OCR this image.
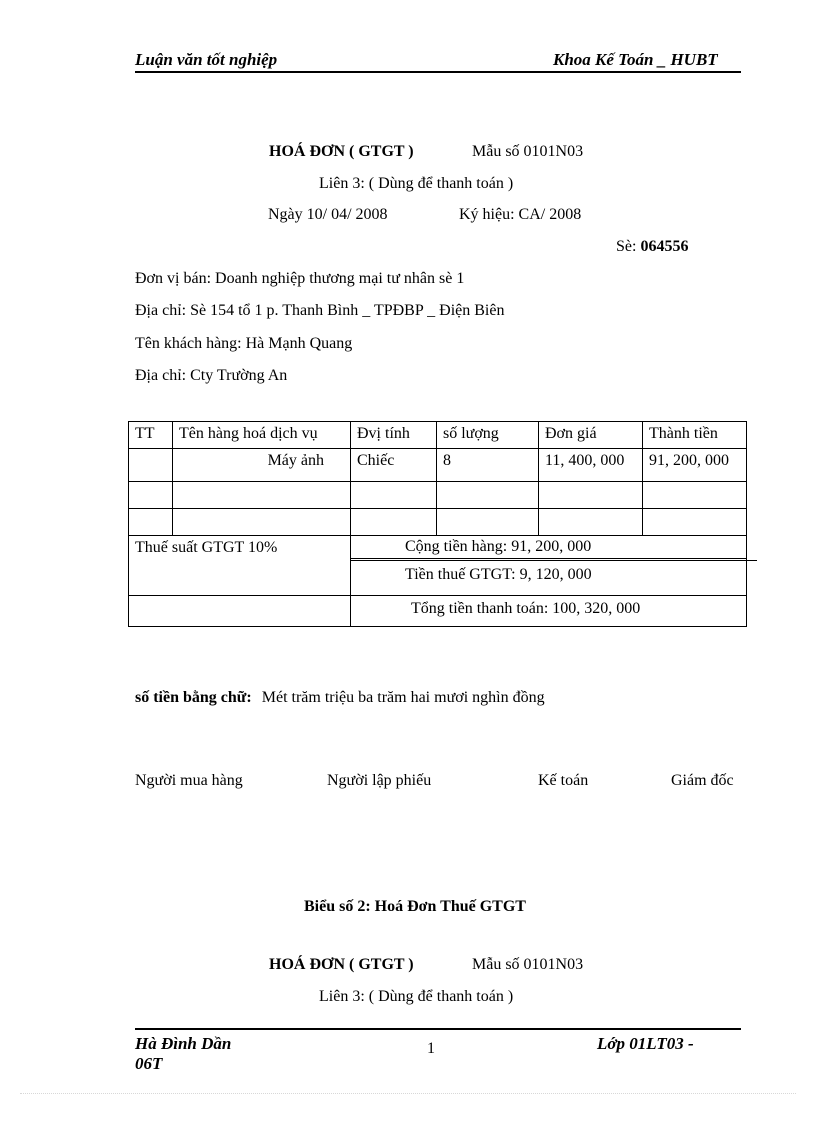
Luận văn tốt nghiệp	Khoa Kế Toán _ HUBT
HOÁ ĐƠN ( GTGT )	Mẫu số 0101N03
Liên 3: ( Dùng để thanh toán )
Ngày 10/ 04/ 2008	Ký hiệu: CA/ 2008
Sè: 064556
Đơn vị bán: Doanh nghiệp thương mại tư nhân sè 1
Địa chỉ: Sè 154 tổ 1 p. Thanh Bình _ TPĐBP _ Điện Biên
Tên khách hàng: Hà Mạnh Quang
Địa chỉ: Cty Trường An
TT	Tên hàng hoá dịch vụ	Đvị tính	số lượng	Đơn giá	Thành tiền
	Máy ảnh	Chiếc	8	11, 400, 000	91, 200, 000

Thuế suất GTGT 10%		Cộng tiền hàng: 91, 200, 000			
		Tiền thuế GTGT: 9, 120, 000			
		Tổng tiền thanh toán: 100, 320, 000			
số tiền bằng chữ: Mét trăm triệu ba trăm hai mươi nghìn đồng
Người mua hàng	Người lập phiếu	Kế toán	Giám đốc
Biểu số 2: Hoá Đơn Thuế GTGT
HOÁ ĐƠN ( GTGT )	Mẫu số 0101N03
Liên 3: ( Dùng để thanh toán )
Hà Đình Dần
06T
1	Lớp 01LT03 -
